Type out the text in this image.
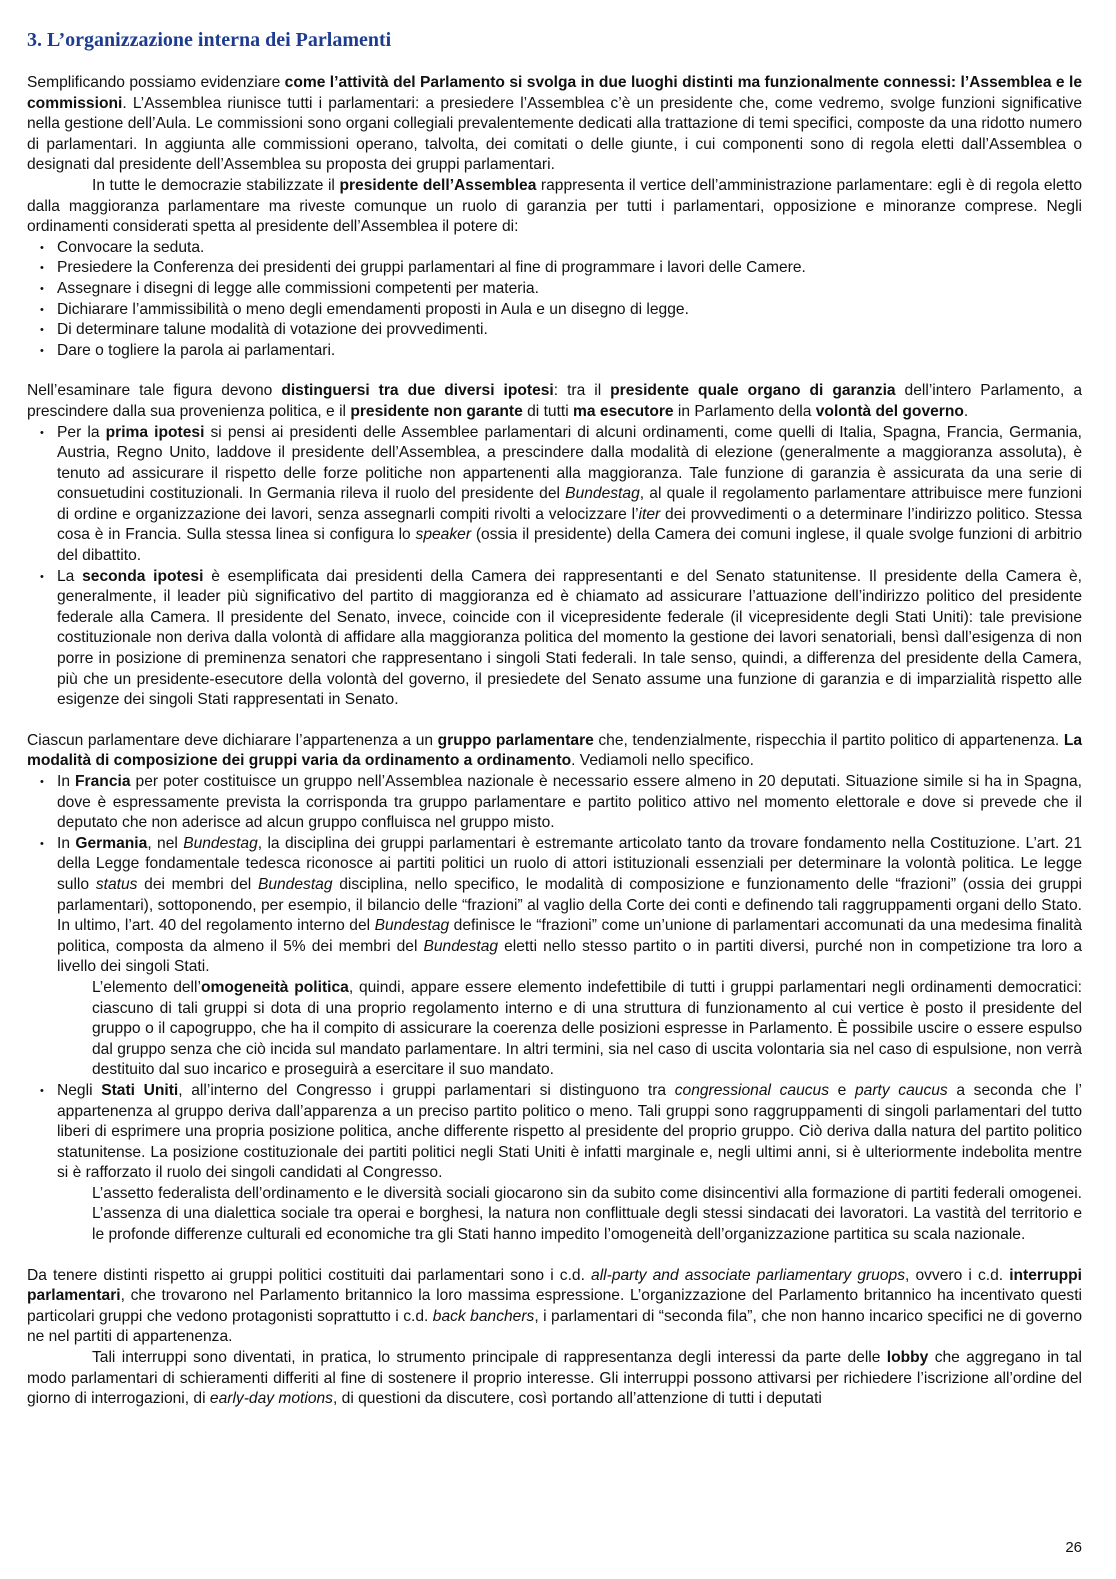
3. L’organizzazione interna dei Parlamenti

Semplificando possiamo evidenziare come l’attività del Parlamento si svolga in due luoghi distinti ma funzionalmente connessi: l’Assemblea e le commissioni. L’Assemblea riunisce tutti i parlamentari: a presiedere l’Assemblea c’è un presidente che, come vedremo, svolge funzioni significative nella gestione dell’Aula. Le commissioni sono organi collegiali prevalentemente dedicati alla trattazione di temi specifici, composte da una ridotto numero di parlamentari. In aggiunta alle commissioni operano, talvolta, dei comitati o delle giunte, i cui componenti sono di regola eletti dall’Assemblea o designati dal presidente dell’Assemblea su proposta dei gruppi parlamentari.

In tutte le democrazie stabilizzate il presidente dell’Assemblea rappresenta il vertice dell’amministrazione parlamentare: egli è di regola eletto dalla maggioranza parlamentare ma riveste comunque un ruolo di garanzia per tutti i parlamentari, opposizione e minoranze comprese. Negli ordinamenti considerati spetta al presidente dell’Assemblea il potere di:

• Convocare la seduta.
• Presiedere la Conferenza dei presidenti dei gruppi parlamentari al fine di programmare i lavori delle Camere.
• Assegnare i disegni di legge alle commissioni competenti per materia.
• Dichiarare l’ammissibilità o meno degli emendamenti proposti in Aula e un disegno di legge.
• Di determinare talune modalità di votazione dei provvedimenti.
• Dare o togliere la parola ai parlamentari.

Nell’esaminare tale figura devono distinguersi tra due diversi ipotesi: tra il presidente quale organo di garanzia dell’intero Parlamento, a prescindere dalla sua provenienza politica, e il presidente non garante di tutti ma esecutore in Parlamento della volontà del governo.

• Per la prima ipotesi si pensi ai presidenti delle Assemblee parlamentari di alcuni ordinamenti, come quelli di Italia, Spagna, Francia, Germania, Austria, Regno Unito, laddove il presidente dell’Assemblea, a prescindere dalla modalità di elezione (generalmente a maggioranza assoluta), è tenuto ad assicurare il rispetto delle forze politiche non appartenenti alla maggioranza. Tale funzione di garanzia è assicurata da una serie di consuetudini costituzionali. In Germania rileva il ruolo del presidente del Bundestag, al quale il regolamento parlamentare attribuisce mere funzioni di ordine e organizzazione dei lavori, senza assegnarli compiti rivolti a velocizzare l’iter dei provvedimenti o a determinare l’indirizzo politico. Stessa cosa è in Francia. Sulla stessa linea si configura lo speaker (ossia il presidente) della Camera dei comuni inglese, il quale svolge funzioni di arbitrio del dibattito.
• La seconda ipotesi è esemplificata dai presidenti della Camera dei rappresentanti e del Senato statunitense. Il presidente della Camera è, generalmente, il leader più significativo del partito di maggioranza ed è chiamato ad assicurare l’attuazione dell’indirizzo politico del presidente federale alla Camera. Il presidente del Senato, invece, coincide con il vicepresidente federale (il vicepresidente degli Stati Uniti): tale previsione costituzionale non deriva dalla volontà di affidare alla maggioranza politica del momento la gestione dei lavori senatoriali, bensì dall’esigenza di non porre in posizione di preminenza senatori che rappresentano i singoli Stati federali. In tale senso, quindi, a differenza del presidente della Camera, più che un presidente-esecutore della volontà del governo, il presiedete del Senato assume una funzione di garanzia e di imparzialità rispetto alle esigenze dei singoli Stati rappresentati in Senato.

Ciascun parlamentare deve dichiarare l’appartenenza a un gruppo parlamentare che, tendenzialmente, rispecchia il partito politico di appartenenza. La modalità di composizione dei gruppi varia da ordinamento a ordinamento. Vediamoli nello specifico.

• In Francia per poter costituisce un gruppo nell’Assemblea nazionale è necessario essere almeno in 20 deputati. Situazione simile si ha in Spagna, dove è espressamente prevista la corrisponda tra gruppo parlamentare e partito politico attivo nel momento elettorale e dove si prevede che il deputato che non aderisce ad alcun gruppo confluisca nel gruppo misto.
• In Germania, nel Bundestag, la disciplina dei gruppi parlamentari è estremante articolato tanto da trovare fondamento nella Costituzione. L’art. 21 della Legge fondamentale tedesca riconosce ai partiti politici un ruolo di attori istituzionali essenziali per determinare la volontà politica. Le legge sullo status dei membri del Bundestag disciplina, nello specifico, le modalità di composizione e funzionamento delle “frazioni” (ossia dei gruppi parlamentari), sottoponendo, per esempio, il bilancio delle “frazioni” al vaglio della Corte dei conti e definendo tali raggruppamenti organi dello Stato. In ultimo, l’art. 40 del regolamento interno del Bundestag definisce le “frazioni” come un’unione di parlamentari accomunati da una medesima finalità politica, composta da almeno il 5% dei membri del Bundestag eletti nello stesso partito o in partiti diversi, purché non in competizione tra loro a livello dei singoli Stati.

L’elemento dell’omogeneità politica, quindi, appare essere elemento indefettibile di tutti i gruppi parlamentari negli ordinamenti democratici: ciascuno di tali gruppi si dota di una proprio regolamento interno e di una struttura di funzionamento al cui vertice è posto il presidente del gruppo o il capogruppo, che ha il compito di assicurare la coerenza delle posizioni espresse in Parlamento. È possibile uscire o essere espulso dal gruppo senza che ciò incida sul mandato parlamentare. In altri termini, sia nel caso di uscita volontaria sia nel caso di espulsione, non verrà destituito dal suo incarico e proseguirà a esercitare il suo mandato.

• Negli Stati Uniti, all’interno del Congresso i gruppi parlamentari si distinguono tra congressional caucus e party caucus a seconda che l’ appartenenza al gruppo deriva dall’apparenza a un preciso partito politico o meno. Tali gruppi sono raggruppamenti di singoli parlamentari del tutto liberi di esprimere una propria posizione politica, anche differente rispetto al presidente del proprio gruppo. Ciò deriva dalla natura del partito politico statunitense. La posizione costituzionale dei partiti politici negli Stati Uniti è infatti marginale e, negli ultimi anni, si è ulteriormente indebolita mentre si è rafforzato il ruolo dei singoli candidati al Congresso.

L’assetto federalista dell’ordinamento e le diversità sociali giocarono sin da subito come disincentivi alla formazione di partiti federali omogenei. L’assenza di una dialettica sociale tra operai e borghesi, la natura non conflittuale degli stessi sindacati dei lavoratori. La vastità del territorio e le profonde differenze culturali ed economiche tra gli Stati hanno impedito l’omogeneità dell’organizzazione partitica su scala nazionale.

Da tenere distinti rispetto ai gruppi politici costituiti dai parlamentari sono i c.d. all-party and associate parliamentary gruops, ovvero i c.d. interruppi parlamentari, che trovarono nel Parlamento britannico la loro massima espressione. L’organizzazione del Parlamento britannico ha incentivato questi particolari gruppi che vedono protagonisti soprattutto i c.d. back banchers, i parlamentari di “seconda fila”, che non hanno incarico specifici ne di governo ne nel partiti di appartenenza.

Tali interruppi sono diventati, in pratica, lo strumento principale di rappresentanza degli interessi da parte delle lobby che aggregano in tal modo parlamentari di schieramenti differiti al fine di sostenere il proprio interesse. Gli interruppi possono attivarsi per richiedere l’iscrizione all’ordine del giorno di interrogazioni, di early-day motions, di questioni da discutere, così portando all’attenzione di tutti i deputati

26
